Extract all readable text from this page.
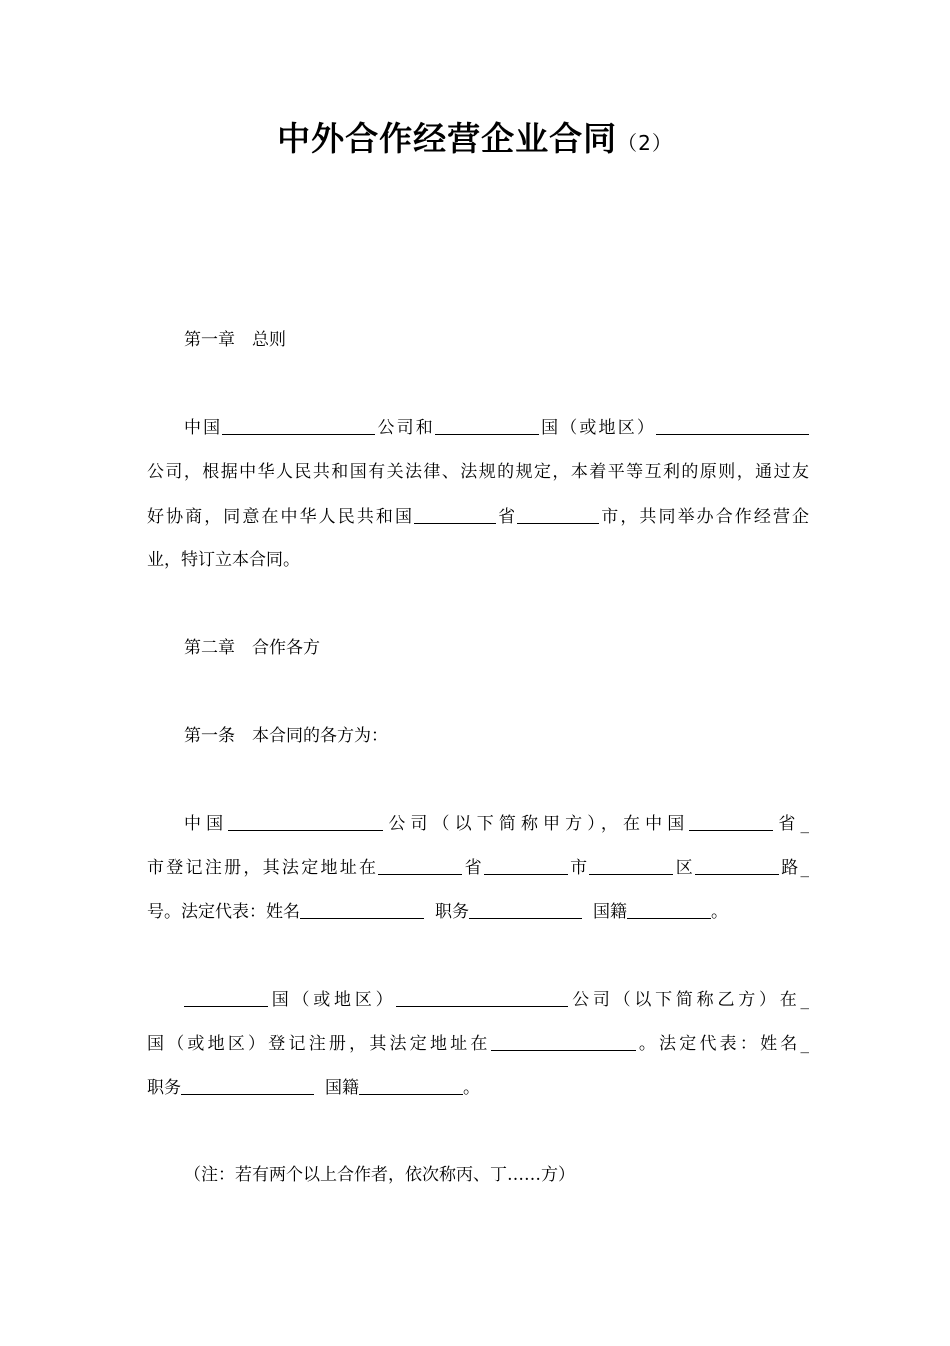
中外合作经营企业合同（2）
第一章　总则
中国	公司和	国（或地区）
公司，根据中华人民共和国有关法律、法规的规定，本着平等互利的原则，通过友
好协商，同意在中华人民共和国	省	市，共同举办合作经营企
业，特订立本合同。
第二章　合作各方
第一条　本合同的各方为：
中国	公司（以下简称甲方），在中国	省_
市登记注册，其法定地址在	省	市	区	路_
号。法定代表：姓名	职务	国籍	。
国（或地区）	公司（以下简称乙方）在_
国（或地区）登记注册，其法定地址在	。法定代表：姓名_
职务	国籍	。
（注：若有两个以上合作者，依次称丙、丁……方）
